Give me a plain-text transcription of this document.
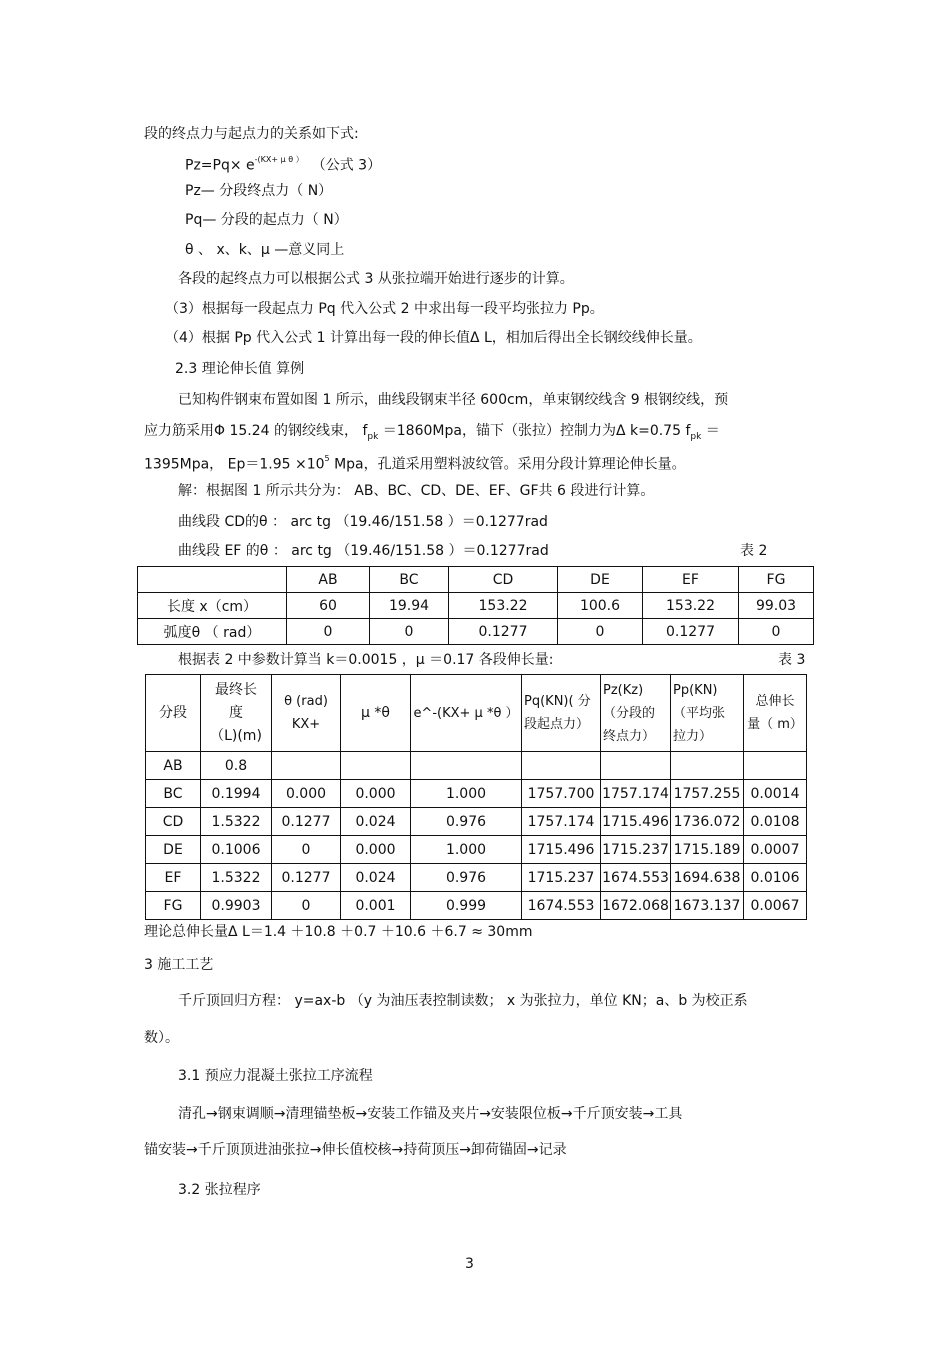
段的终点力与起点力的关系如下式:
$Pz=Pq\times e^{-(KX+ \mu \theta )}$ （公式 3）
Pz— 分段终点力（ N）
Pq— 分段的起点力（ N）
θ 、 x、k、μ —意义同上
各段的起终点力可以根据公式 3 从张拉端开始进行逐步的计算。
（3）根据每一段起点力 Pq 代入公式 2 中求出每一段平均张拉力 Pp。
（4）根据 Pp 代入公式 1 计算出每一段的伸长值Δ L，相加后得出全长钢绞线伸长量。
2.3 理论伸长值 算例
已知构件钢束布置如图 1 所示，曲线段钢束半径 600cm，单束钢绞线含 9 根钢绞线，预
应力筋采用Φ 15.24 的钢绞线束， $f_{pk} =1860Mpa$，锚下（张拉）控制力为Δ k=0.75 $f_{pk}$ ＝
1395Mpa， $Ep=1.95 \times 10^5$ Mpa，孔道采用塑料波纹管。采用分段计算理论伸长量。
解：根据图 1 所示共分为： AB、BC、CD、DE、EF、GF共 6 段进行计算。
曲线段 CD的θ ： arc tg （19.46/151.58 ）＝0.1277rad
曲线段 EF 的θ ： arc tg （19.46/151.58 ）＝0.1277rad	表 2
	AB	BC	CD	DE	EF	FG
长度 x（cm）	60	19.94	153.22	100.6	153.22	99.03
弧度θ （ rad）	0	0	0.1277	0	0.1277	0
根据表 2 中参数计算当 k＝0.0015 ，μ ＝0.17 各段伸长量:	表 3
分段	最终长
度
（L)(m)	θ (rad) KX+	μ *θ	e^-(KX+ μ *θ ）	Pq(KN)( 分
段起点力）	Pz(Kz)
（分段的
终点力）	Pp(KN)
（平均张
拉力）	总伸长
量（ m）
AB	0.8							
BC	0.1994	0.000	0.000	1.000	1757.700	1757.174	1757.255	0.0014
CD	1.5322	0.1277	0.024	0.976	1757.174	1715.496	1736.072	0.0108
DE	0.1006	0	0.000	1.000	1715.496	1715.237	1715.189	0.0007
EF	1.5322	0.1277	0.024	0.976	1715.237	1674.553	1694.638	0.0106
FG	0.9903	0	0.001	0.999	1674.553	1672.068	1673.137	0.0067
理论总伸长量Δ L＝1.4 ＋10.8 ＋0.7 ＋10.6 ＋6.7 ≈ 30mm
3 施工工艺
千斤顶回归方程： y=ax-b （y 为油压表控制读数； x 为张拉力，单位 KN；a、b 为校正系
数）。
3.1 预应力混凝土张拉工序流程
清孔→钢束调顺→清理锚垫板→安装工作锚及夹片→安装限位板→千斤顶安装→工具
锚安装→千斤顶顶进油张拉→伸长值校核→持荷顶压→卸荷锚固→记录
3.2 张拉程序
3
